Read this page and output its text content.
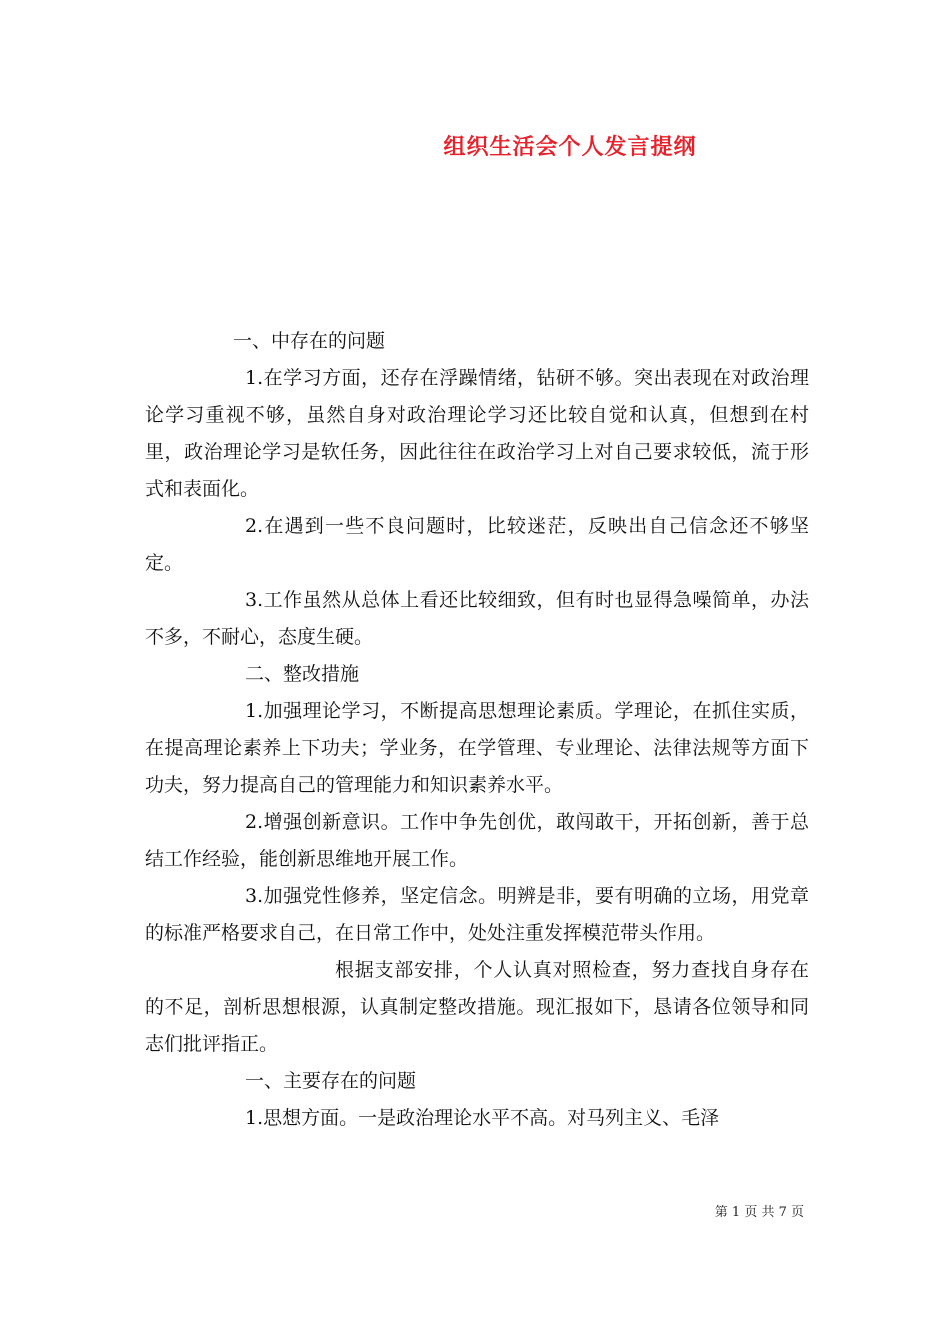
组织生活会个人发言提纲

一、中存在的问题

1.在学习方面，还存在浮躁情绪，钻研不够。突出表现在对政治理论学习重视不够，虽然自身对政治理论学习还比较自觉和认真，但想到在村里，政治理论学习是软任务，因此往往在政治学习上对自己要求较低，流于形式和表面化。

2.在遇到一些不良问题时，比较迷茫，反映出自己信念还不够坚定。

3.工作虽然从总体上看还比较细致，但有时也显得急噪简单，办法不多，不耐心，态度生硬。

二、整改措施

1.加强理论学习，不断提高思想理论素质。学理论，在抓住实质，在提高理论素养上下功夫；学业务，在学管理、专业理论、法律法规等方面下功夫，努力提高自己的管理能力和知识素养水平。

2.增强创新意识。工作中争先创优，敢闯敢干，开拓创新，善于总结工作经验，能创新思维地开展工作。

3.加强党性修养，坚定信念。明辨是非，要有明确的立场，用党章的标准严格要求自己，在日常工作中，处处注重发挥模范带头作用。

根据支部安排，个人认真对照检查，努力查找自身存在的不足，剖析思想根源，认真制定整改措施。现汇报如下，恳请各位领导和同志们批评指正。

一、主要存在的问题

1.思想方面。一是政治理论水平不高。对马列主义、毛泽

第 1 页 共 7 页
